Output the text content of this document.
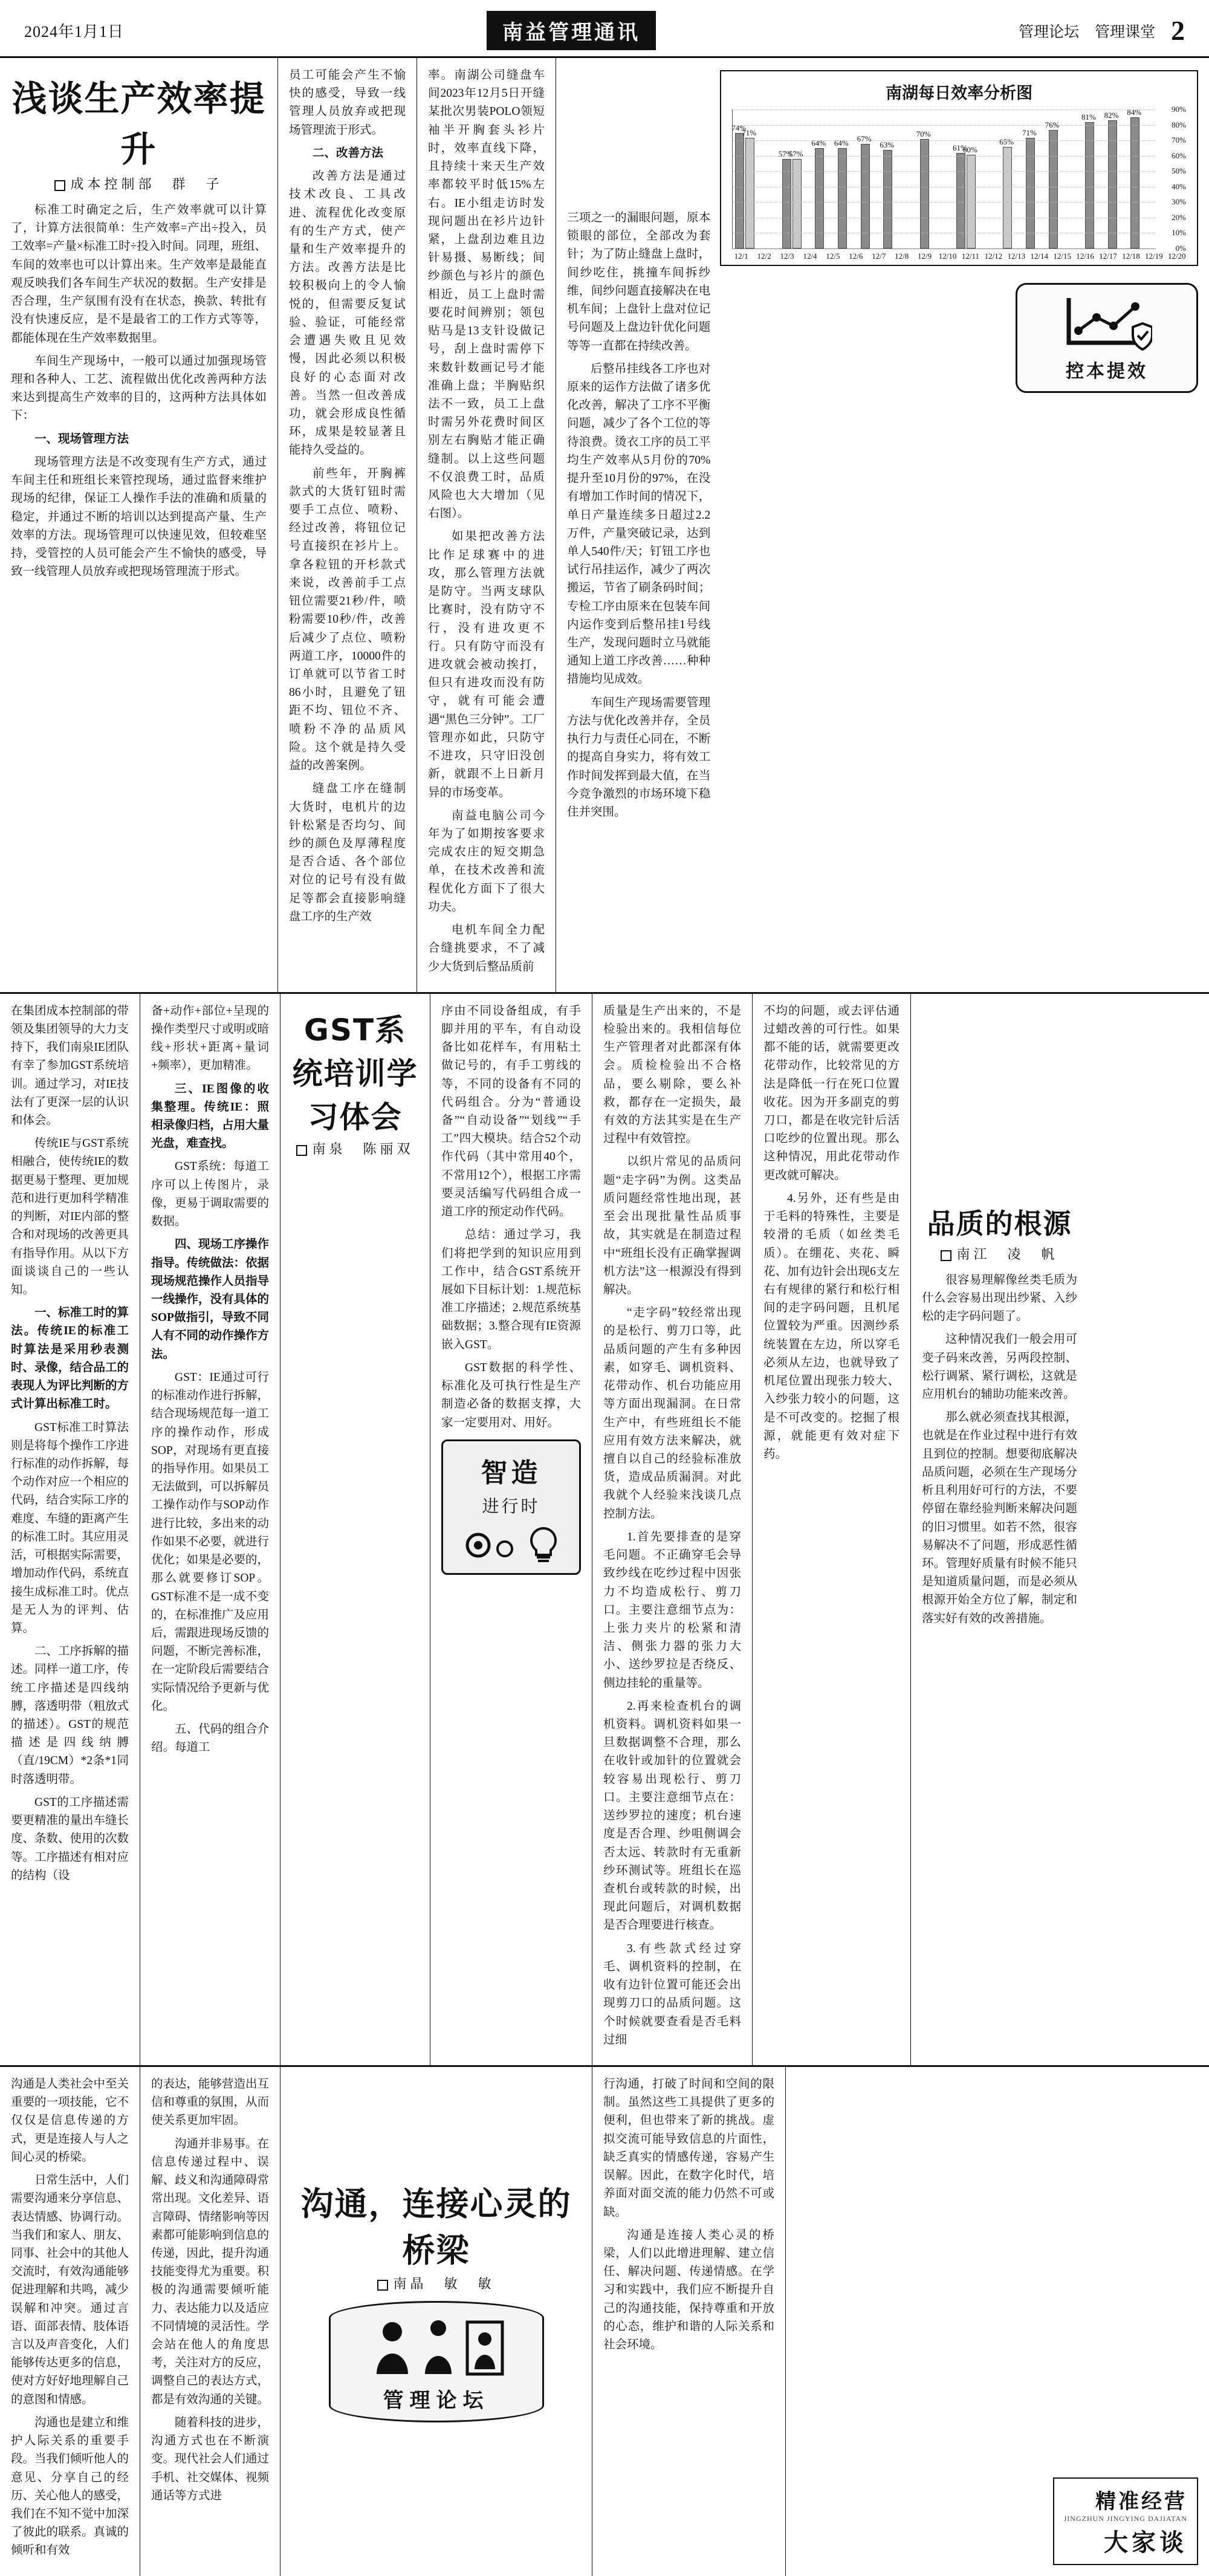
2024年1月1日	南益管理通讯	管理论坛 管理课堂 2
浅谈生产效率提升
成本控制部　群　子

标准工时确定之后，生产效率就可以计算了，计算方法很简单：生产效率=产出÷投入，员工效率=产量×标准工时÷投入时间。同理，班组、车间的效率也可以计算出来。生产效率是最能直观反映我们各车间生产状况的数据。生产安排是否合理，生产氛围有没有在状态，换款、转批有没有快速反应，是不是最省工的工作方式等等，都能体现在生产效率数据里。

车间生产现场中，一般可以通过加强现场管理和各种人、工艺、流程做出优化改善两种方法来达到提高生产效率的目的，这两种方法具体如下：

一、现场管理方法

现场管理方法是不改变现有生产方式，通过车间主任和班组长来管控现场，通过监督来维护现场的纪律，保证工人操作手法的准确和质量的稳定，并通过不断的培训以达到提高产量、生产效率的方法。现场管理可以快速见效，但较难坚持，受管控的人员可能会产生不愉快的感受，导致一线管理人员放弃或把现场管理流于形式。

员工可能会产生不愉快的感受，导致一线管理人员放弃或把现场管理流于形式。

二、改善方法

改善方法是通过技术改良、工具改进、流程优化改变原有的生产方式，使产量和生产效率提升的方法。改善方法是比较积极向上的令人愉悦的，但需要反复试验、验证，可能经常会遭遇失败且见效慢，因此必须以积极良好的心态面对改善。当然一但改善成功，就会形成良性循环，成果是较显著且能持久受益的。

前些年，开胸裤款式的大货钉钮时需要手工点位、喷粉、经过改善，将钮位记号直接织在衫片上。拿各粒钮的开杉款式来说，改善前手工点钮位需要21秒/件，喷粉需要10秒/件，改善后减少了点位、喷粉两道工序，10000件的订单就可以节省工时86小时，且避免了钮距不均、钮位不齐、喷粉不净的品质风险。这个就是持久受益的改善案例。

缝盘工序在缝制大货时，电机片的边针松紧是否均匀、间纱的颜色及厚薄程度是否合适、各个部位对位的记号有没有做足等都会直接影响缝盘工序的生产效

率。南湖公司缝盘车间2023年12月5日开缝某批次男装POLO领短袖半开胸套头衫片时，效率直线下降，且持续十来天生产效率都较平时低15%左右。IE小组走访时发现问题出在衫片边针紧，上盘刮边难且边针易摄、易断线；间纱颜色与衫片的颜色相近，员工上盘时需要花时间辨别；领包贴马是13支针设做记号，刮上盘时需停下来数针数画记号才能准确上盘；半胸贴织法不一致，员工上盘时需另外花费时间区别左右胸贴才能正确缝制。以上这些问题不仅浪费工时，品质风险也大大增加（见右图）。

如果把改善方法比作足球赛中的进攻，那么管理方法就是防守。当两支球队比赛时，没有防守不行，没有进攻更不行。只有防守而没有进攻就会被动挨打，但只有进攻而没有防守，就有可能会遭遇“黑色三分钟”。工厂管理亦如此，只防守不进攻，只守旧没创新，就跟不上日新月异的市场变革。

南益电脑公司今年为了如期按客要求完成农庄的短交期急单，在技术改善和流程优化方面下了很大功夫。

电机车间全力配合缝挑要求，不了减少大货到后整品质前

三项之一的漏眼问题，原本锁眼的部位，全部改为套针；为了防止缝盘上盘时，间纱吃住，挑撞车间拆纱维，间纱问题直接解决在电机车间；上盘针上盘对位记号问题及上盘边针优化问题等等一直都在持续改善。

后整吊挂线各工序也对原来的运作方法做了诸多优化改善，解决了工序不平衡问题，减少了各个工位的等待浪费。烫衣工序的员工平均生产效率从5月份的70%提升至10月份的97%，在没有增加工作时间的情况下，单日产量连续多日超过2.2万件，产量突破记录，达到单人540件/天；钉钮工序也试行吊挂运作，减少了两次搬运，节省了刷条码时间；专检工序由原来在包装车间内运作变到后整吊挂1号线生产，发现问题时立马就能通知上道工序改善……种种措施均见成效。

车间生产现场需要管理方法与优化改善并存，全员执行力与责任心同在，不断的提高自身实力，将有效工作时间发挥到最大值，在当今竞争激烈的市场环境下稳住并突围。

南湖每日效率分析图
74%
71%
57%
57%
64% 64%
67%
63%
70%
61%
60%
65%
71%
76%
81% 82% 84%	90%
80%
70%
60%
50%
40%
30%
20%
10%
0%
12/1 12/2 12/3 12/4 12/5 12/6 12/7 12/8 12/9 12/10 12/11 12/12 12/13 12/14 12/15 12/16 12/17 12/18 12/19 12/20
控本提效

在集团成本控制部的带领及集团领导的大力支持下，我们南泉IE团队有幸了参加GST系统培训。通过学习，对IE技法有了更深一层的认识和体会。

传统IE与GST系统相融合，使传统IE的数据更易于整理、更加规范和进行更加科学精准的判断，对IE内部的整合和对现场的改善更具有指导作用。从以下方面谈谈自己的一些认知。

一、标准工时的算法。传统IE的标准工时算法是采用秒表测时、录像，结合品工的表现人为评比判断的方式计算出标准工时。

GST标准工时算法则是将每个操作工序进行标准的动作拆解，每个动作对应一个相应的代码，结合实际工序的难度、车缝的距离产生的标准工时。其应用灵活，可根据实际需要，增加动作代码，系统直接生成标准工时。优点是无人为的评判、估算。

二、工序拆解的描述。同样一道工序，传统工序描述是四线纳膊，落透明带（粗放式的描述）。GST的规范描述是四线纳膊（直/19CM）*2条*1同时落透明带。

GST的工序描述需要更精准的量出车缝长度、条数、使用的次数等。工序描述有相对应的结构（设

备+动作+部位+呈现的操作类型尺寸或明或暗线+形状+距离+量词+频率），更加精准。

三、IE图像的收集整理。传统IE：照相录像归档，占用大量光盘，难查找。

GST系统：每道工序可以上传图片，录像，更易于调取需要的数据。

四、现场工序操作指导。传统做法：依据现场规范操作人员指导一线操作，没有具体的SOP做指引，导致不同人有不同的动作操作方法。

GST：IE通过可行的标准动作进行拆解，结合现场规范每一道工序的操作动作，形成SOP，对现场有更直接的指导作用。如果员工无法做到，可以拆解员工操作动作与SOP动作进行比较，多出来的动作如果不必要，就进行优化；如果是必要的，那么就要修订SOP。GST标准不是一成不变的，在标准推广及应用后，需跟进现场反馈的问题，不断完善标准，在一定阶段后需要结合实际情况给予更新与优化。

五、代码的组合介绍。每道工

GST系统培训学习体会
南泉　陈丽双

序由不同设备组成，有手脚并用的平车，有自动设备比如花样车，有用粘土做记号的，有手工剪线的等，不同的设备有不同的代码组合。分为“普通设备”“自动设备”“划线”“手工”四大模块。结合52个动作代码（其中常用40个，不常用12个），根据工序需要灵活编写代码组合成一道工序的预定动作代码。

总结：通过学习，我们将把学到的知识应用到工作中，结合GST系统开展如下目标计划：1.规范标准工序描述；2.规范系统基础数据；3.整合现有IE资源嵌入GST。

GST数据的科学性、标准化及可执行性是生产制造必备的数据支撑，大家一定要用对、用好。

智造
进行时

质量是生产出来的，不是检验出来的。我相信每位生产管理者对此都深有体会。质检检验出不合格品，要么剔除，要么补救，都存在一定损失，最有效的方法其实是在生产过程中有效管控。

以织片常见的品质问题“走字码”为例。这类品质问题经常性地出现，甚至会出现批量性品质事故，其实就是在制造过程中“班组长没有正确掌握调机方法”这一根源没有得到解决。

“走字码”较经常出现的是松行、剪刀口等，此品质问题的产生有多种因素，如穿毛、调机资料、花带动作、机台功能应用等方面出现漏洞。在日常生产中，有些班组长不能应用有效方法来解决，就擅自以自己的经验标准放货，造成品质漏洞。对此我就个人经验来浅谈几点控制方法。

1.首先要排查的是穿毛问题。不正确穿毛会导致纱线在吃纱过程中因张力不均造成松行、剪刀口。主要注意细节点为：上张力夹片的松紧和清洁、侧张力器的张力大小、送纱罗拉是否绕反、侧边挂轮的重量等。

2.再来检查机台的调机资料。调机资料如果一旦数据调整不合理，那么在收针或加针的位置就会较容易出现松行、剪刀口。主要注意细节点在：送纱罗拉的速度；机台速度是否合理、纱咀侧调会否太远、转款时有无重新纱环测试等。班组长在巡查机台或转款的时候，出现此问题后，对调机数据是否合理要进行核查。

3.有些款式经过穿毛、调机资料的控制，在收有边针位置可能还会出现剪刀口的品质问题。这个时候就要查看是否毛料过细

不均的问题，或去评估通过蜡改善的可行性。如果都不能的话，就需要更改花带动作，比较常见的方法是降低一行在死口位置收花。因为开多副克的剪刀口，都是在收完针后活口吃纱的位置出现。那么这种情况，用此花带动作更改就可解决。

4.另外，还有些是由于毛料的特殊性，主要是较滑的毛质（如丝类毛质）。在绷花、夹花、瞬花、加有边针会出现6支左右有规律的紧行和松行相间的走字码问题，且机尾位置较为严重。因测纱系统装置在左边，所以穿毛必须从左边，也就导致了机尾位置出现张力较大、入纱张力较小的问题，这是不可改变的。挖掘了根源，就能更有效对症下药。

品质的根源
南江　凌　帆

很容易理解像丝类毛质为什么会容易出现出纱紧、入纱松的走字码问题了。

这种情况我们一般会用可变子码来改善，另两段控制、松行调紧、紧行调松，这就是应用机台的辅助功能来改善。

那么就必须查找其根源，也就是在作业过程中进行有效且到位的控制。想要彻底解决品质问题，必须在生产现场分析且利用好可行的方法，不要停留在靠经验判断来解决问题的旧习惯里。如若不然，很容易解决不了问题，形成恶性循环。管理好质量有时候不能只是知道质量问题，而是必须从根源开始全方位了解，制定和落实好有效的改善措施。

沟通是人类社会中至关重要的一项技能，它不仅仅是信息传递的方式，更是连接人与人之间心灵的桥梁。

日常生活中，人们需要沟通来分享信息、表达情感、协调行动。当我们和家人、朋友、同事、社会中的其他人交流时，有效沟通能够促进理解和共鸣，减少误解和冲突。通过言语、面部表情、肢体语言以及声音变化，人们能够传达更多的信息，使对方好好地理解自己的意图和情感。

沟通也是建立和维护人际关系的重要手段。当我们倾听他人的意见、分享自己的经历、关心他人的感受，我们在不知不觉中加深了彼此的联系。真诚的倾听和有效

的表达，能够营造出互信和尊重的氛围，从而使关系更加牢固。

沟通并非易事。在信息传递过程中、误解、歧义和沟通障碍常常出现。文化差异、语言障碍、情绪影响等因素都可能影响到信息的传递，因此，提升沟通技能变得尤为重要。积极的沟通需要倾听能力、表达能力以及适应不同情境的灵活性。学会站在他人的角度思考，关注对方的反应，调整自己的表达方式，都是有效沟通的关键。

随着科技的进步，沟通方式也在不断演变。现代社会人们通过手机、社交媒体、视频通话等方式进

沟通，连接心灵的桥梁
南晶　敏　敏
管理论坛

行沟通，打破了时间和空间的限制。虽然这些工具提供了更多的便利，但也带来了新的挑战。虚拟交流可能导致信息的片面性，缺乏真实的情感传递，容易产生误解。因此，在数字化时代，培养面对面交流的能力仍然不可或缺。

沟通是连接人类心灵的桥梁，人们以此增进理解、建立信任、解决问题、传递情感。在学习和实践中，我们应不断提升自己的沟通技能，保持尊重和开放的心态，维护和谐的人际关系和社会环境。

精准经营
JINGZHUN JINGYING DAJIATAN
大家谈
